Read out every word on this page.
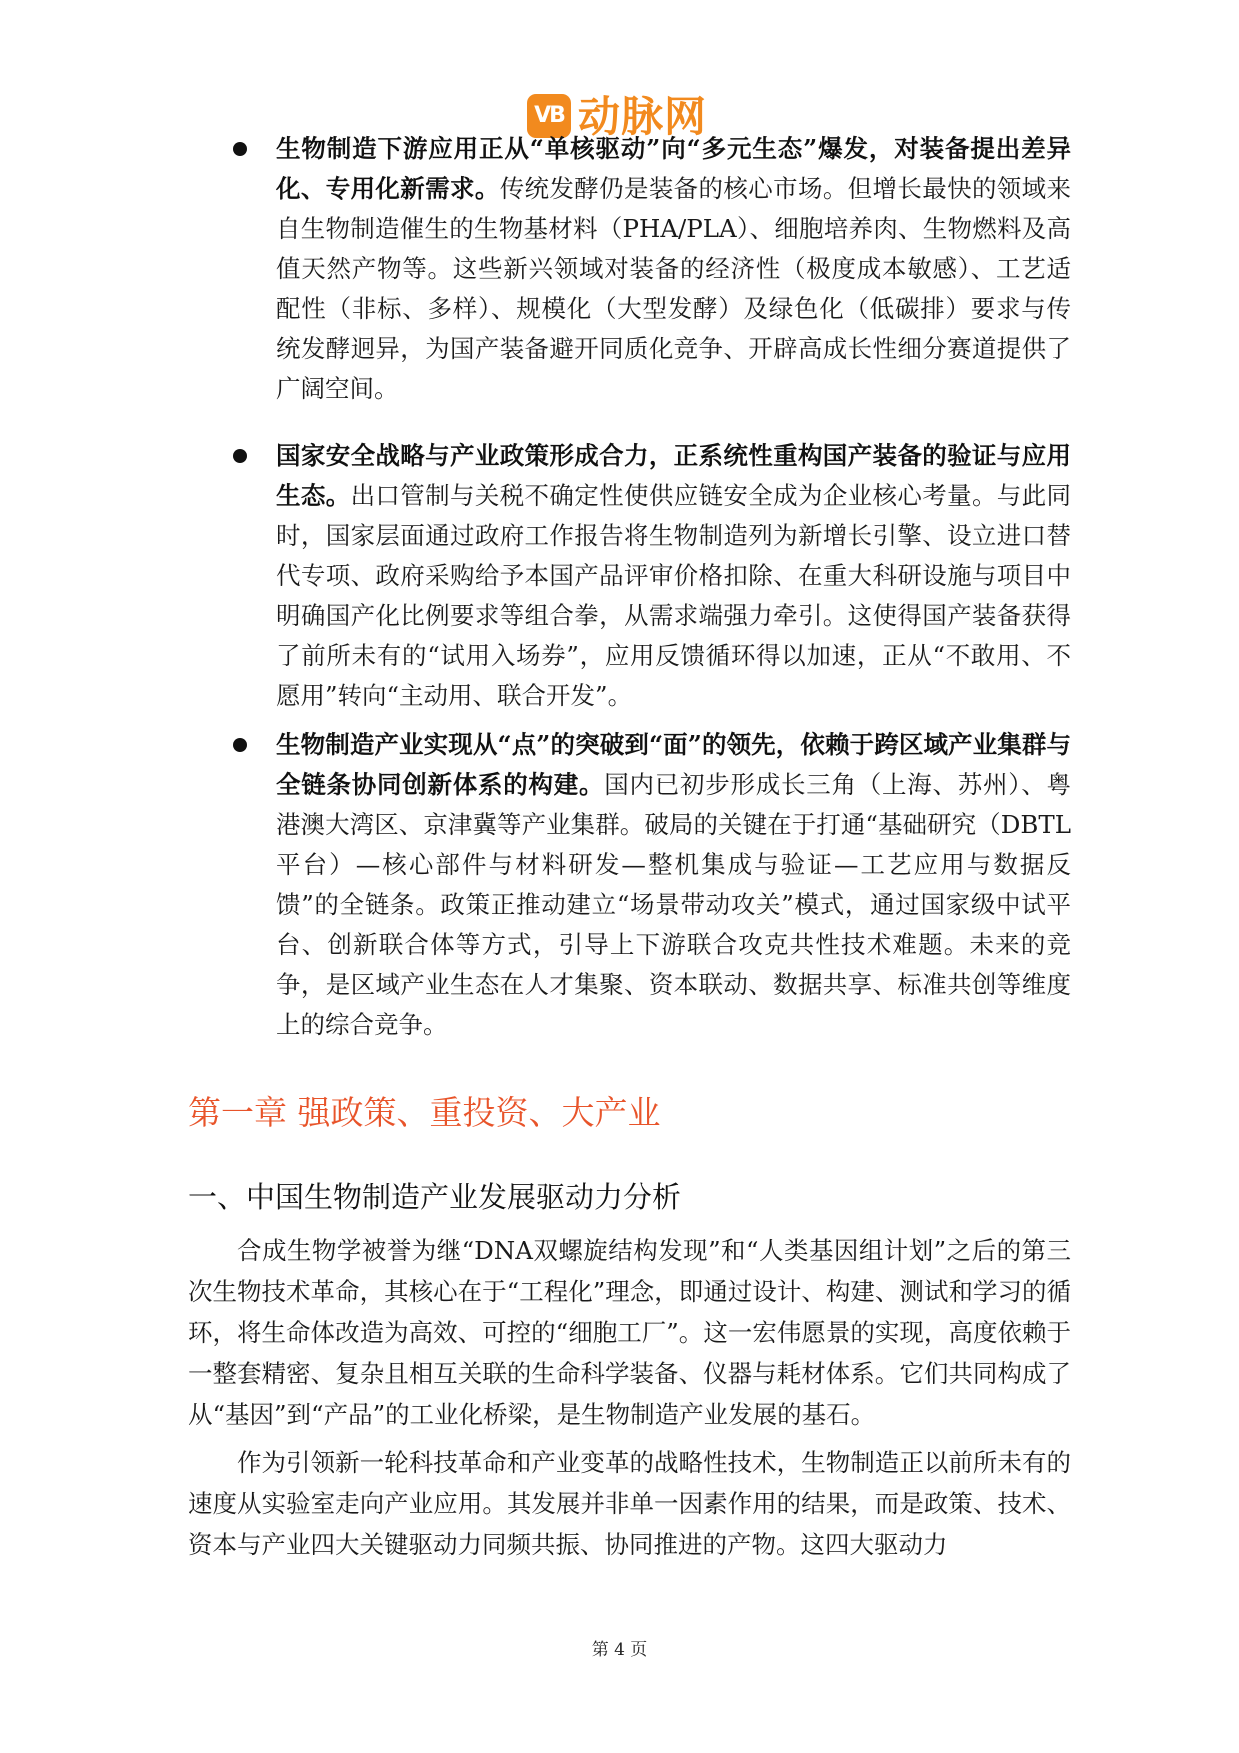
VB 动脉网
生物制造下游应用正从“单核驱动”向“多元生态”爆发，对装备提出差异化、专用化新需求。传统发酵仍是装备的核心市场。但增长最快的领域来自生物制造催生的生物基材料（PHA/PLA）、细胞培养肉、生物燃料及高值天然产物等。这些新兴领域对装备的经济性（极度成本敏感）、工艺适配性（非标、多样）、规模化（大型发酵）及绿色化（低碳排）要求与传统发酵迥异，为国产装备避开同质化竞争、开辟高成长性细分赛道提供了广阔空间。
国家安全战略与产业政策形成合力，正系统性重构国产装备的验证与应用生态。出口管制与关税不确定性使供应链安全成为企业核心考量。与此同时，国家层面通过政府工作报告将生物制造列为新增长引擎、设立进口替代专项、政府采购给予本国产品评审价格扣除、在重大科研设施与项目中明确国产化比例要求等组合拳，从需求端强力牵引。这使得国产装备获得了前所未有的“试用入场券”，应用反馈循环得以加速，正从“不敢用、不愿用”转向“主动用、联合开发”。
生物制造产业实现从“点”的突破到“面”的领先，依赖于跨区域产业集群与全链条协同创新体系的构建。国内已初步形成长三角（上海、苏州）、粤港澳大湾区、京津冀等产业集群。破局的关键在于打通“基础研究（DBTL平台）—核心部件与材料研发—整机集成与验证—工艺应用与数据反馈”的全链条。政策正推动建立“场景带动攻关”模式，通过国家级中试平台、创新联合体等方式，引导上下游联合攻克共性技术难题。未来的竞争，是区域产业生态在人才集聚、资本联动、数据共享、标准共创等维度上的综合竞争。
第一章 强政策、重投资、大产业
一、中国生物制造产业发展驱动力分析

合成生物学被誉为继“DNA双螺旋结构发现”和“人类基因组计划”之后的第三次生物技术革命，其核心在于“工程化”理念，即通过设计、构建、测试和学习的循环，将生命体改造为高效、可控的“细胞工厂”。这一宏伟愿景的实现，高度依赖于一整套精密、复杂且相互关联的生命科学装备、仪器与耗材体系。它们共同构成了从“基因”到“产品”的工业化桥梁，是生物制造产业发展的基石。

作为引领新一轮科技革命和产业变革的战略性技术，生物制造正以前所未有的速度从实验室走向产业应用。其发展并非单一因素作用的结果，而是政策、技术、资本与产业四大关键驱动力同频共振、协同推进的产物。这四大驱动力

第 4 页
